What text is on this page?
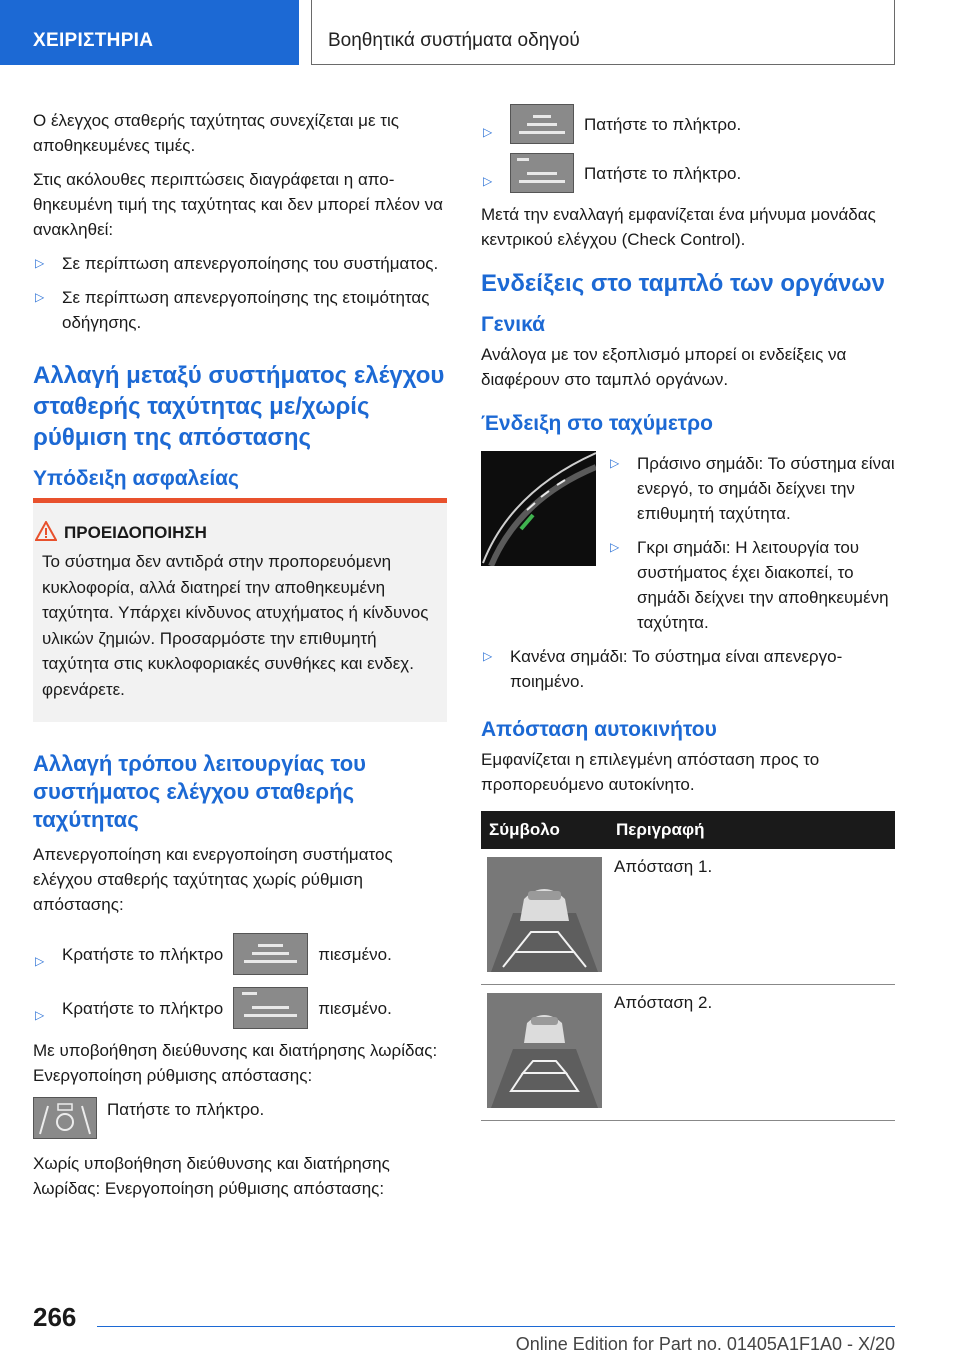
ΧΕΙΡΙΣΤΗΡΙΑ	Βοηθητικά συστήματα οδηγού

Ο έλεγχος σταθερής ταχύτητας συνεχίζεται με τις αποθηκευμένες τιμές.

Στις ακόλουθες περιπτώσεις διαγράφεται η αποθηκευμένη τιμή της ταχύτητας και δεν μπορεί πλέον να ανακληθεί:

▷ Σε περίπτωση απενεργοποίησης του συστήματος.
▷ Σε περίπτωση απενεργοποίησης της ετοιμότητας οδήγησης.
Αλλαγή μεταξύ συστήματος ελέγχου σταθερής ταχύτητας με/χωρίς ρύθμιση της απόστασης
Υπόδειξη ασφαλείας
ΠΡΟΕΙΔΟΠΟΙΗΣΗ

Το σύστημα δεν αντιδρά στην προπορευόμενη κυκλοφορία, αλλά διατηρεί την αποθηκευμένη ταχύτητα. Υπάρχει κίνδυνος ατυχήματος ή κίνδυνος υλικών ζημιών. Προσαρμόστε την επιθυμητή ταχύτητα στις κυκλοφοριακές συνθήκες και ενδεχ. φρενάρετε.

Αλλαγή τρόπου λειτουργίας του συστήματος ελέγχου σταθερής ταχύτητας

Απενεργοποίηση και ενεργοποίηση συστήματος ελέγχου σταθερής ταχύτητας χωρίς ρύθμιση απόστασης:

▷ Κρατήστε το πλήκτρο	πιεσμένο.
▷ Κρατήστε το πλήκτρο	πιεσμένο.

Με υποβοήθηση διεύθυνσης και διατήρησης λωρίδας: Ενεργοποίηση ρύθμισης απόστασης:

Πατήστε το πλήκτρο.

Χωρίς υποβοήθηση διεύθυνσης και διατήρησης λωρίδας: Ενεργοποίηση ρύθμισης απόστασης:

▷	Πατήστε το πλήκτρο.
▷	Πατήστε το πλήκτρο.

Μετά την εναλλαγή εμφανίζεται ένα μήνυμα μονάδας κεντρικού ελέγχου (Check Control).

Ενδείξεις στο ταμπλό των οργάνων
Γενικά

Ανάλογα με τον εξοπλισμό μπορεί οι ενδείξεις να διαφέρουν στο ταμπλό οργάνων.

Ένδειξη στο ταχύμετρο
▷ Πράσινο σημάδι: Το σύστημα είναι ενεργό, το σημάδι δείχνει την επιθυμητή ταχύτητα.
▷ Γκρι σημάδι: Η λειτουργία του συστήματος έχει διακοπεί, το σημάδι δείχνει την αποθηκευμένη ταχύτητα.
▷ Κανένα σημάδι: Το σύστημα είναι απενεργοποιημένο.
Απόσταση αυτοκινήτου

Εμφανίζεται η επιλεγμένη απόσταση προς το προπορευόμενο αυτοκίνητο.

Σύμβολο	Περιγραφή

	Απόσταση 1.

	Απόσταση 2.
266
Online Edition for Part no. 01405A1F1A0 - X/20
